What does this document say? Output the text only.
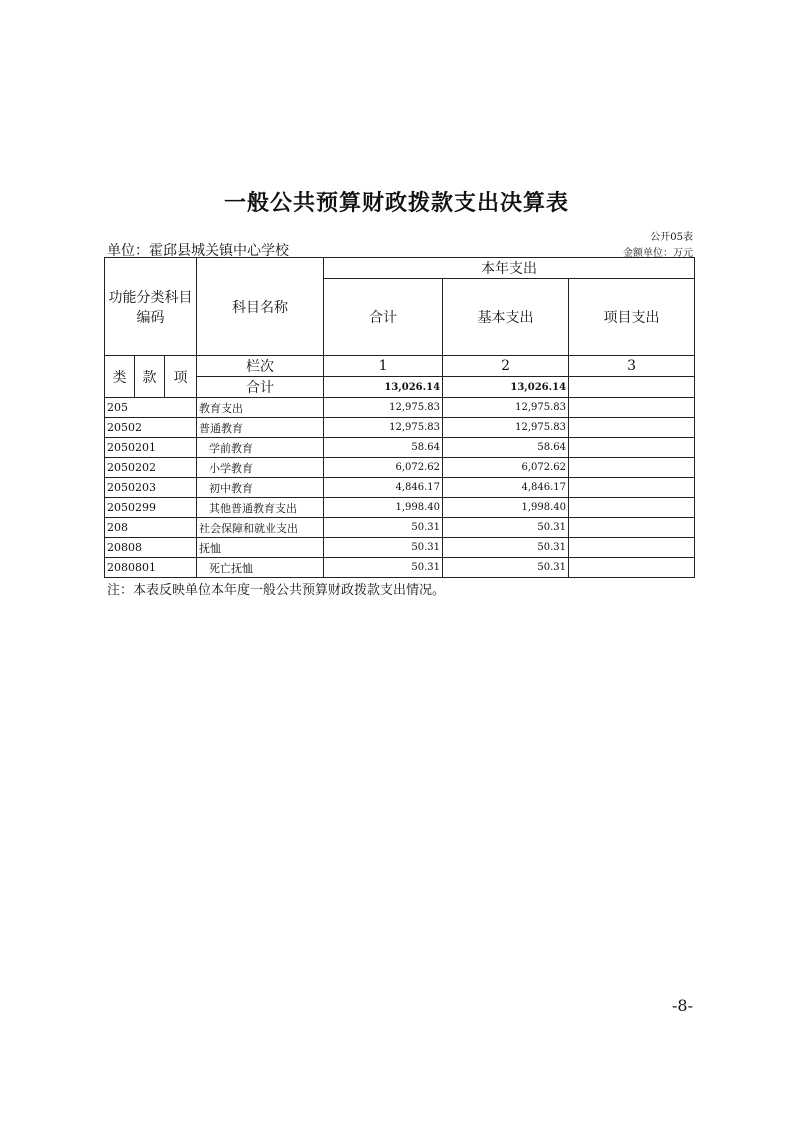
一般公共预算财政拨款支出决算表
公开05表
单位：霍邱县城关镇中心学校	金额单位：万元
功能分类科目编码			科目名称	本年支出		
				合计	基本支出	项目支出
类	款	项	栏次	1	2	3
			合计	13,026.14	13,026.14	
205			教育支出	12,975.83	12,975.83	
20502			普通教育	12,975.83	12,975.83	
2050201			学前教育	58.64	58.64	
2050202			小学教育	6,072.62	6,072.62	
2050203			初中教育	4,846.17	4,846.17	
2050299			其他普通教育支出	1,998.40	1,998.40	
208			社会保障和就业支出	50.31	50.31	
20808			抚恤	50.31	50.31	
2080801			死亡抚恤	50.31	50.31	
注：本表反映单位本年度一般公共预算财政拨款支出情况。
-8-
